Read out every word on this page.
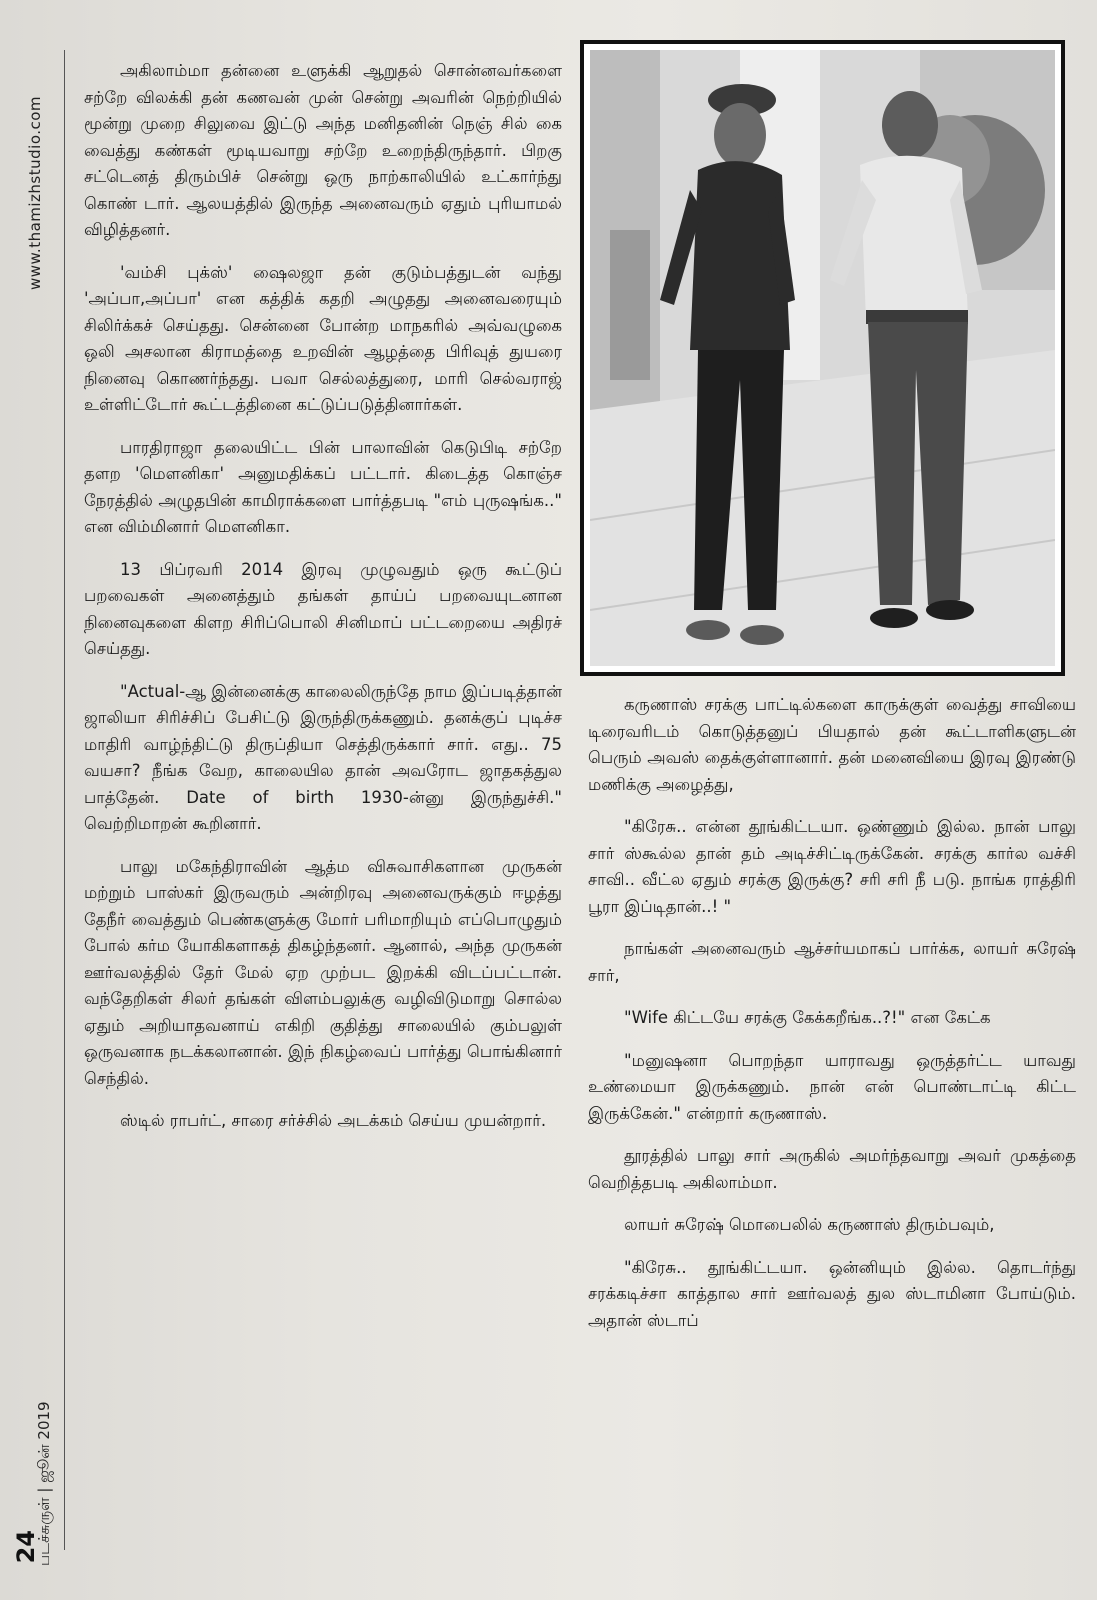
www.thamizhstudio.com
படச்சுருள் | ஜூன் 2019
24

அகிலாம்மா தன்னை உளுக்கி ஆறுதல் சொன்னவர்களை சற்றே விலக்கி தன் கணவன் முன் சென்று அவரின் நெற்றியில் மூன்று முறை சிலுவை இட்டு அந்த மனிதனின் நெஞ் சில் கை வைத்து கண்கள் மூடியவாறு சற்றே உறைந்திருந்தார். பிறகு சட்டெனத் திரும்பிச் சென்று ஒரு நாற்காலியில் உட்கார்ந்து கொண் டார். ஆலயத்தில் இருந்த அனைவரும் ஏதும் புரியாமல் விழித்தனர்.

'வம்சி புக்ஸ்' ஷைலஜா தன் குடும்பத்துடன் வந்து 'அப்பா,அப்பா' என கத்திக் கதறி அழுதது அனைவரையும் சிலிர்க்கச் செய்தது. சென்னை போன்ற மாநகரில் அவ்வழுகை ஒலி அசலான கிராமத்தை உறவின் ஆழத்தை பிரிவுத் துயரை நினைவு கொணர்ந்தது. பவா செல்லத்துரை, மாரி செல்வராஜ் உள்ளிட்டோர் கூட்டத்தினை கட்டுப்படுத்தினார்கள்.

பாரதிராஜா தலையிட்ட பின் பாலாவின் கெடுபிடி சற்றே தளற 'மௌனிகா' அனுமதிக்கப் பட்டார். கிடைத்த கொஞ்ச நேரத்தில் அழுதபின் காமிராக்களை பார்த்தபடி "எம் புருஷங்க.." என விம்மினார் மௌனிகா.

13 பிப்ரவரி 2014 இரவு முழுவதும் ஒரு கூட்டுப் பறவைகள் அனைத்தும் தங்கள் தாய்ப் பறவையுடனான நினைவுகளை கிளற சிரிப்பொலி சினிமாப் பட்டறையை அதிரச் செய்தது.

"Actual-ஆ இன்னைக்கு காலைலிருந்தே நாம இப்படித்தான் ஜாலியா சிரிச்சிப் பேசிட்டு இருந்திருக்கணும். தனக்குப் புடிச்ச மாதிரி வாழ்ந்திட்டு திருப்தியா செத்திருக்கார் சார். எது.. 75 வயசா? நீங்க வேற, காலையில தான் அவரோட ஜாதகத்துல பாத்தேன். Date of birth 1930-ன்னு இருந்துச்சி." வெற்றிமாறன் கூறினார்.

பாலு மகேந்திராவின் ஆத்ம விசுவாசிகளான முருகன் மற்றும் பாஸ்கர் இருவரும் அன்றிரவு அனைவருக்கும் ஈழத்து தேநீர் வைத்தும் பெண்களுக்கு மோர் பரிமாறியும் எப்பொழுதும் போல் கர்ம யோகிகளாகத் திகழ்ந்தனர். ஆனால், அந்த முருகன் ஊர்வலத்தில் தேர் மேல் ஏற முற்பட இறக்கி விடப்பட்டான். வந்தேறிகள் சிலர் தங்கள் விளம்பலுக்கு வழிவிடுமாறு சொல்ல ஏதும் அறியாதவனாய் எகிறி குதித்து சாலையில் கும்பலுள் ஒருவனாக நடக்கலானான். இந் நிகழ்வைப் பார்த்து பொங்கினார் செந்தில்.

ஸ்டில் ராபர்ட், சாரை சர்ச்சில் அடக்கம் செய்ய முயன்றார்.

கருணாஸ் சரக்கு பாட்டில்களை காருக்குள் வைத்து சாவியை டிரைவரிடம் கொடுத்தனுப் பியதால் தன் கூட்டாளிகளுடன் பெரும் அவஸ் தைக்குள்ளானார். தன் மனைவியை இரவு இரண்டு மணிக்கு அழைத்து,

"கிரேசு.. என்ன தூங்கிட்டயா. ஒண்ணும் இல்ல. நான் பாலு சார் ஸ்கூல்ல தான் தம் அடிச்சிட்டிருக்கேன். சரக்கு கார்ல வச்சி சாவி.. வீட்ல ஏதும் சரக்கு இருக்கு? சரி சரி நீ படு. நாங்க ராத்திரி பூரா இப்டிதான்..! "

நாங்கள் அனைவரும் ஆச்சர்யமாகப் பார்க்க, லாயர் சுரேஷ் சார்,

"Wife கிட்டயே சரக்கு கேக்கறீங்க..?!" என கேட்க

"மனுஷனா பொறந்தா யாராவது ஒருத்தர்ட்ட யாவது உண்மையா இருக்கணும். நான் என் பொண்டாட்டி கிட்ட இருக்கேன்." என்றார் கருணாஸ்.

தூரத்தில் பாலு சார் அருகில் அமர்ந்தவாறு அவர் முகத்தை வெறித்தபடி அகிலாம்மா.

லாயர் சுரேஷ் மொபைலில் கருணாஸ் திரும்பவும்,

"கிரேசு.. தூங்கிட்டயா. ஒன்னியும் இல்ல. தொடர்ந்து சரக்கடிச்சா காத்தால சார் ஊர்வலத் துல ஸ்டாமினா போய்டும். அதான் ஸ்டாப்
